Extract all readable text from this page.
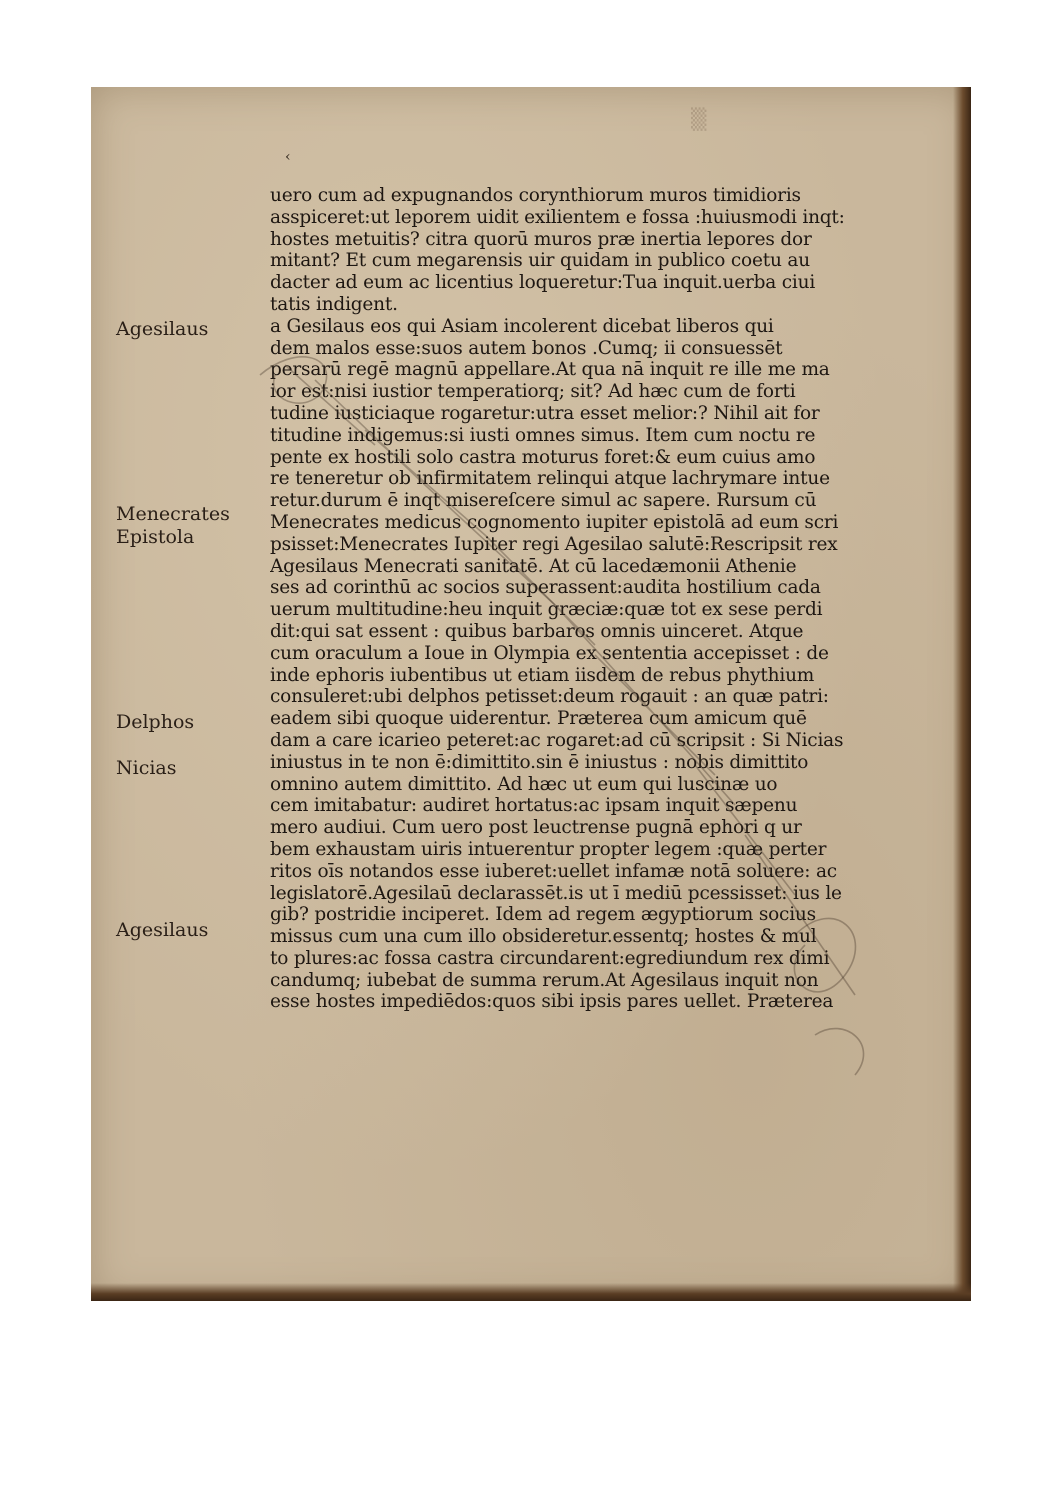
▒
‹
Agesilaus
Menecrates
Epistola
Delphos
Nicias
Agesilaus
uero cum ad expugnandos corynthiorum muros timidioris
asspiceret:ut leporem uidit exilientem e fossa :huiusmodi inqt:
hostes metuitis? citra quorū muros præ inertia lepores dor
mitant? Et cum megarensis uir quidam in publico coetu au
dacter ad eum ac licentius loqueretur:Tua inquit.uerba ciui
tatis indigent.
a Gesilaus eos qui Asiam incolerent dicebat liberos qui
dem malos esse:suos autem bonos .Cumq; ii consuessēt
persarū regē magnū appellare.At qua nā inquit re ille me ma
ior est:nisi iustior temperatiorq; sit? Ad hæc cum de forti
tudine iusticiaque rogaretur:utra esset melior:? Nihil ait for
titudine indigemus:si iusti omnes simus. Item cum noctu re
pente ex hostili solo castra moturus foret:& eum cuius amo
re teneretur ob infirmitatem relinqui atque lachrymare intue
retur.durum ē inqt misereſcere simul ac sapere. Rursum cū
Menecrates medicus cognomento iupiter epistolā ad eum scri
psisset:Menecrates Iupiter regi Agesilao salutē:Rescripsit rex
Agesilaus Menecrati sanitatē. At cū lacedæmonii Athenie
ses ad corinthū ac socios superassent:audita hostilium cada
uerum multitudine:heu inquit græciæ:quæ tot ex sese perdi
dit:qui sat essent : quibus barbaros omnis uinceret. Atque
cum oraculum a Ioue in Olympia ex sententia accepisset : de
inde ephoris iubentibus ut etiam iisdem de rebus phythium
consuleret:ubi delphos petisset:deum rogauit : an quæ patri:
eadem sibi quoque uiderentur. Præterea cum amicum quē
dam a care icarieo peteret:ac rogaret:ad cū scripsit : Si Nicias
iniustus in te non ē:dimittito.sin ē iniustus : nobis dimittito
omnino autem dimittito. Ad hæc ut eum qui luscinæ uo
cem imitabatur: audiret hortatus:ac ipsam inquit sæpenu
mero audiui. Cum uero post leuctrense pugnā ephori q ur
bem exhaustam uiris intuerentur propter legem :quæ perter
ritos oīs notandos esse iuberet:uellet infamæ notā soluere: ac
legislatorē.Agesilaū declarassēt.is ut ī mediū pcessisset: ius le
gib? postridie inciperet. Idem ad regem ægyptiorum socius
missus cum una cum illo obsideretur.essentq; hostes & mul
to plures:ac fossa castra circundarent:egrediundum rex dimi
candumq; iubebat de summa rerum.At Agesilaus inquit non
esse hostes impediēdos:quos sibi ipsis pares uellet. Præterea
